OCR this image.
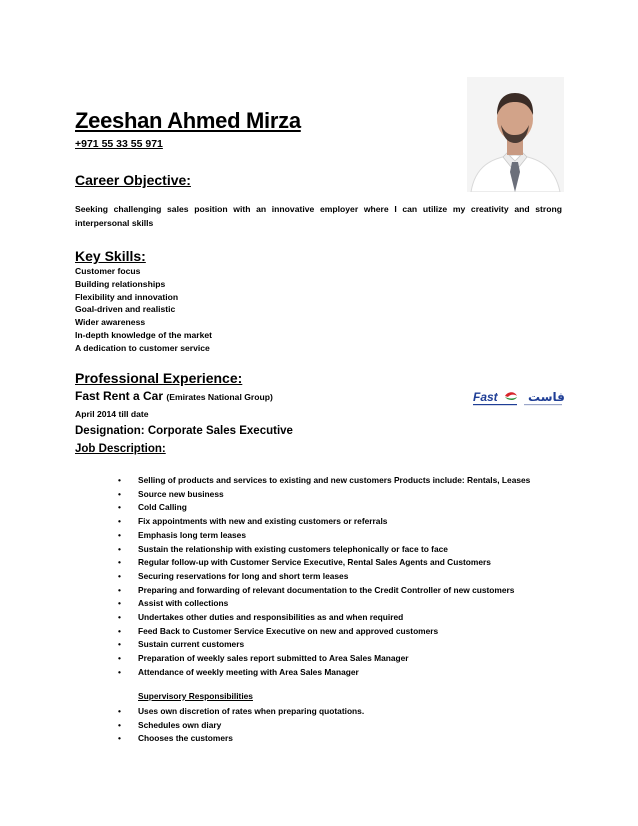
Zeeshan Ahmed Mirza
+971 55 33 55 971
Career Objective:
Seeking challenging sales position with an innovative employer where I can utilize my creativity and strong interpersonal skills
Key Skills:
Customer focus
Building relationships
Flexibility and innovation
Goal-driven and realistic
Wider awareness
In-depth knowledge of the market
A dedication to customer service
Professional Experience:
Fast Rent a Car (Emirates National Group)	Fast	فاست
April 2014 till date
Designation: Corporate Sales Executive
Job Description:
• Selling of products and services to existing and new customers Products include: Rentals, Leases
• Source new business
• Cold Calling
• Fix appointments with new and existing customers or referrals
• Emphasis long term leases
• Sustain the relationship with existing customers telephonically or face to face
• Regular follow-up with Customer Service Executive, Rental Sales Agents and Customers
• Securing reservations for long and short term leases
• Preparing and forwarding of relevant documentation to the Credit Controller of new customers
• Assist with collections
• Undertakes other duties and responsibilities as and when required
• Feed Back to Customer Service Executive on new and approved customers
• Sustain current customers
• Preparation of weekly sales report submitted to Area Sales Manager
• Attendance of weekly meeting with Area Sales Manager
Supervisory Responsibilities
• Uses own discretion of rates when preparing quotations.
• Schedules own diary
• Chooses the customers
